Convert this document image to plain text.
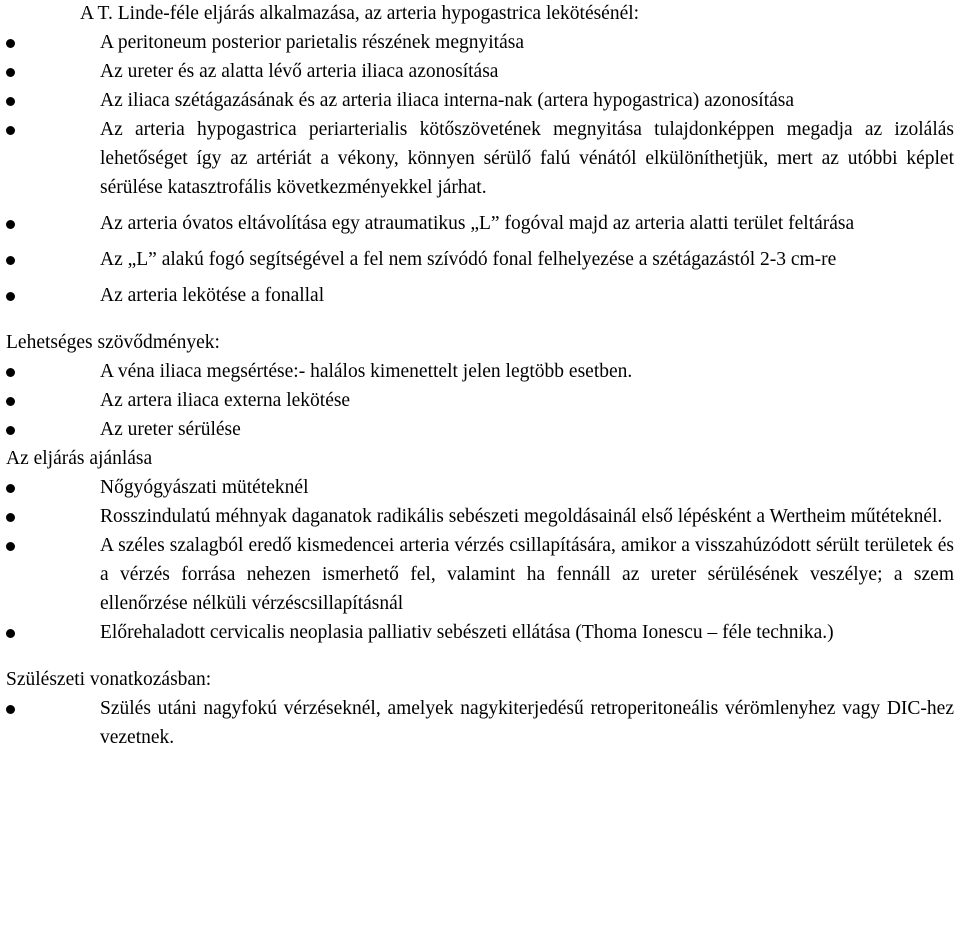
A T. Linde-féle eljárás alkalmazása, az arteria hypogastrica lekötésénél:

A peritoneum posterior parietalis részének megnyitása
Az ureter és az alatta lévő arteria iliaca azonosítása
Az iliaca szétágazásának és az arteria iliaca interna-nak (artera hypogastrica) azonosítása
Az arteria hypogastrica periarterialis kötőszövetének megnyitása tulajdonképpen megadja az izolálás lehetőséget így az artériát a vékony, könnyen sérülő falú vénától elkülöníthetjük, mert az utóbbi képlet sérülése katasztrofális következményekkel járhat.
Az arteria óvatos eltávolítása egy atraumatikus „L” fogóval majd az arteria alatti terület feltárása
Az „L” alakú fogó segítségével a fel nem szívódó fonal felhelyezése a szétágazástól 2-3 cm-re
Az arteria lekötése a fonallal

Lehetséges szövődmények:

A véna iliaca megsértése:- halálos kimenettelt jelen legtöbb esetben.
Az artera iliaca externa lekötése
Az ureter sérülése

Az eljárás ajánlása

Nőgyógyászati mütéteknél
Rosszindulatú méhnyak daganatok radikális sebészeti megoldásainál első lépésként a Wertheim műtéteknél.
A széles szalagból eredő kismedencei arteria vérzés csillapítására, amikor a visszahúzódott sérült területek és a vérzés forrása nehezen ismerhető fel, valamint ha fennáll az ureter sérülésének veszélye; a szem ellenőrzése nélküli vérzéscsillapításnál
Előrehaladott cervicalis neoplasia palliativ sebészeti ellátása (Thoma Ionescu – féle technika.)

Szülészeti vonatkozásban:

Szülés utáni nagyfokú vérzéseknél, amelyek nagykiterjedésű retroperitoneális vérömlenyhez vagy DIC-hez vezetnek.
